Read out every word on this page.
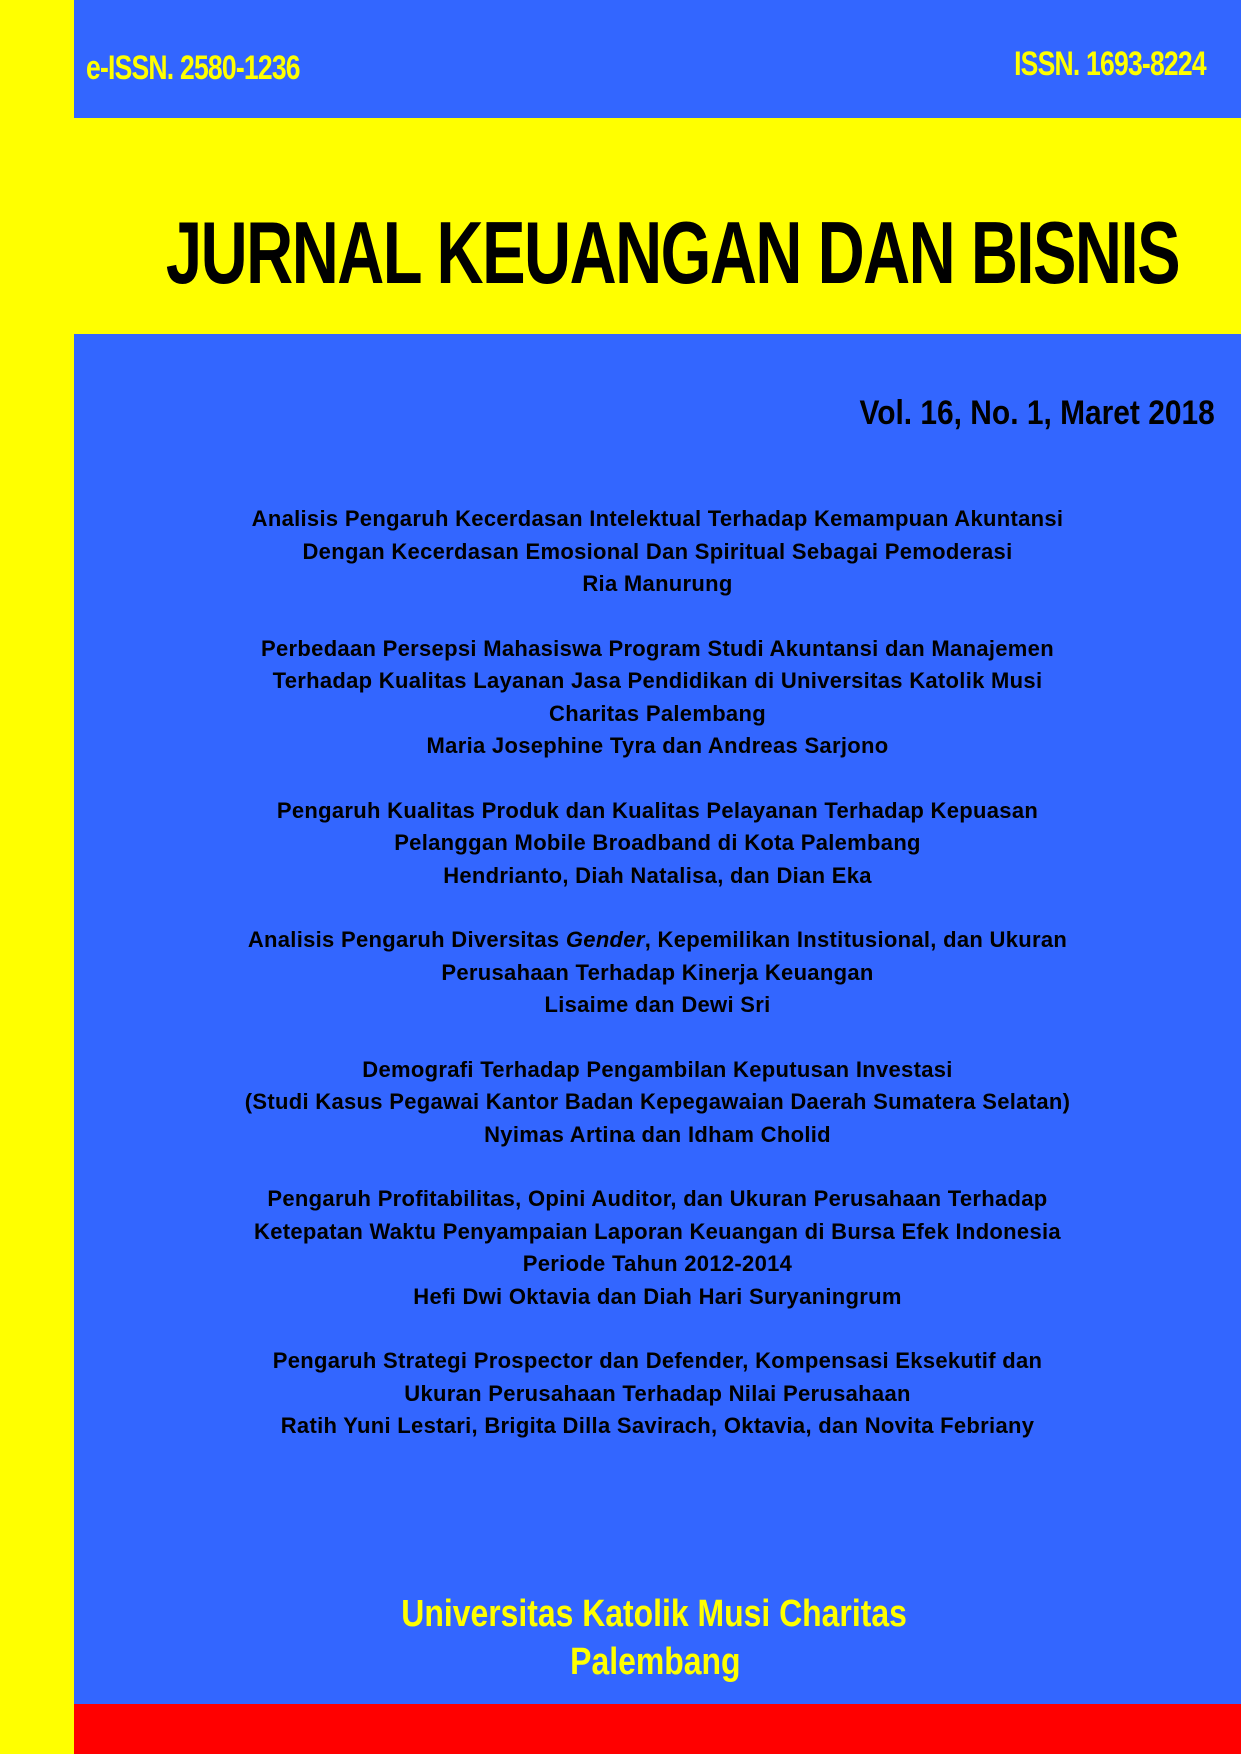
e-ISSN. 2580-1236	ISSN. 1693-8224

JURNAL KEUANGAN DAN BISNIS

Vol. 16, No. 1, Maret 2018

Analisis Pengaruh Kecerdasan Intelektual Terhadap Kemampuan Akuntansi
Dengan Kecerdasan Emosional Dan Spiritual Sebagai Pemoderasi
Ria Manurung
Perbedaan Persepsi Mahasiswa Program Studi Akuntansi dan Manajemen
Terhadap Kualitas Layanan Jasa Pendidikan di Universitas Katolik Musi
Charitas Palembang
Maria Josephine Tyra dan Andreas Sarjono
Pengaruh Kualitas Produk dan Kualitas Pelayanan Terhadap Kepuasan
Pelanggan Mobile Broadband di Kota Palembang
Hendrianto, Diah Natalisa, dan Dian Eka
Analisis Pengaruh Diversitas Gender, Kepemilikan Institusional, dan Ukuran
Perusahaan Terhadap Kinerja Keuangan
Lisaime dan Dewi Sri
Demografi Terhadap Pengambilan Keputusan Investasi
(Studi Kasus Pegawai Kantor Badan Kepegawaian Daerah Sumatera Selatan)
Nyimas Artina dan Idham Cholid
Pengaruh Profitabilitas, Opini Auditor, dan Ukuran Perusahaan Terhadap
Ketepatan Waktu Penyampaian Laporan Keuangan di Bursa Efek Indonesia
Periode Tahun 2012-2014
Hefi Dwi Oktavia dan Diah Hari Suryaningrum
Pengaruh Strategi Prospector dan Defender, Kompensasi Eksekutif dan
Ukuran Perusahaan Terhadap Nilai Perusahaan
Ratih Yuni Lestari, Brigita Dilla Savirach, Oktavia, dan Novita Febriany
Universitas Katolik Musi Charitas
Palembang
